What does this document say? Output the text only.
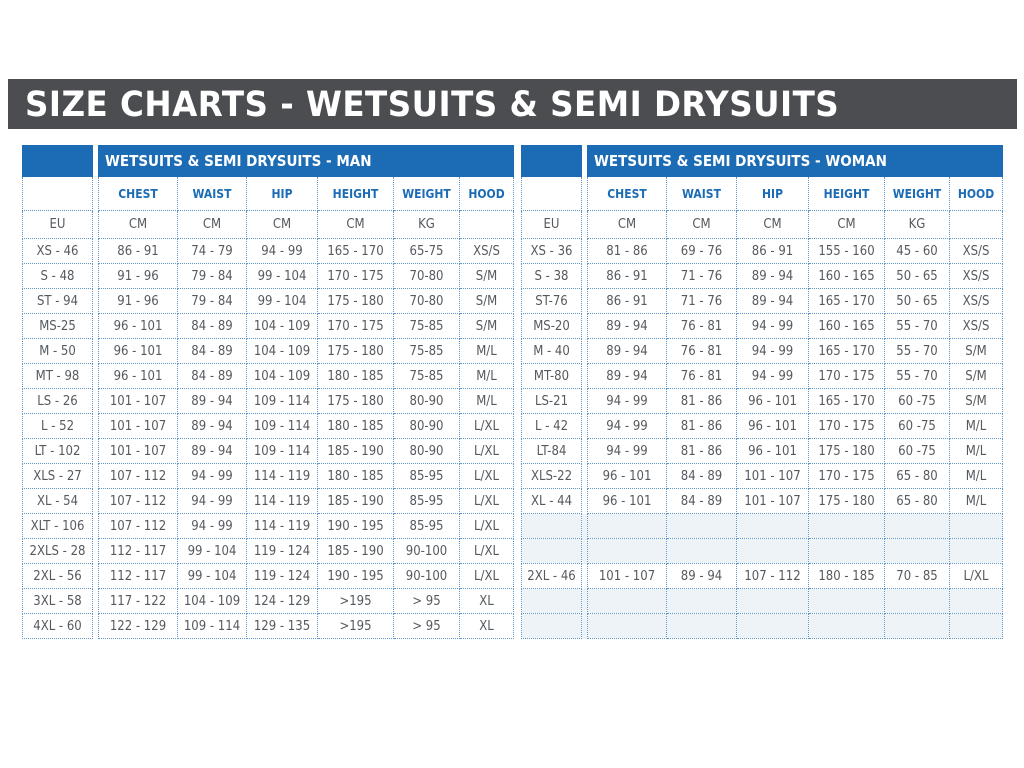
SIZE CHARTS - WETSUITS & SEMI DRYSUITS
		WETSUITS & SEMI DRYSUITS - MAN					
		CHEST	WAIST	HIP	HEIGHT	WEIGHT	HOOD
EU		CM	CM	CM	CM	KG	
XS - 46		86 - 91	74 - 79	94 - 99	165 - 170	65-75	XS/S
S - 48		91 - 96	79 - 84	99 - 104	170 - 175	70-80	S/M
ST - 94		91 - 96	79 - 84	99 - 104	175 - 180	70-80	S/M
MS-25		96 - 101	84 - 89	104 - 109	170 - 175	75-85	S/M
M - 50		96 - 101	84 - 89	104 - 109	175 - 180	75-85	M/L
MT - 98		96 - 101	84 - 89	104 - 109	180 - 185	75-85	M/L
LS - 26		101 - 107	89 - 94	109 - 114	175 - 180	80-90	M/L
L - 52		101 - 107	89 - 94	109 - 114	180 - 185	80-90	L/XL
LT - 102		101 - 107	89 - 94	109 - 114	185 - 190	80-90	L/XL
XLS - 27		107 - 112	94 - 99	114 - 119	180 - 185	85-95	L/XL
XL - 54		107 - 112	94 - 99	114 - 119	185 - 190	85-95	L/XL
XLT - 106		107 - 112	94 - 99	114 - 119	190 - 195	85-95	L/XL
2XLS - 28		112 - 117	99 - 104	119 - 124	185 - 190	90-100	L/XL
2XL - 56		112 - 117	99 - 104	119 - 124	190 - 195	90-100	L/XL
3XL - 58		117 - 122	104 - 109	124 - 129	>195	> 95	XL
4XL - 60		122 - 129	109 - 114	129 - 135	>195	> 95	XL
		WETSUITS & SEMI DRYSUITS - WOMAN					
		CHEST	WAIST	HIP	HEIGHT	WEIGHT	HOOD
EU		CM	CM	CM	CM	KG	
XS - 36		81 - 86	69 - 76	86 - 91	155 - 160	45 - 60	XS/S
S - 38		86 - 91	71 - 76	89 - 94	160 - 165	50 - 65	XS/S
ST-76		86 - 91	71 - 76	89 - 94	165 - 170	50 - 65	XS/S
MS-20		89 - 94	76 - 81	94 - 99	160 - 165	55 - 70	XS/S
M - 40		89 - 94	76 - 81	94 - 99	165 - 170	55 - 70	S/M
MT-80		89 - 94	76 - 81	94 - 99	170 - 175	55 - 70	S/M
LS-21		94 - 99	81 - 86	96 - 101	165 - 170	60 -75	S/M
L - 42		94 - 99	81 - 86	96 - 101	170 - 175	60 -75	M/L
LT-84		94 - 99	81 - 86	96 - 101	175 - 180	60 -75	M/L
XLS-22		96 - 101	84 - 89	101 - 107	170 - 175	65 - 80	M/L
XL - 44		96 - 101	84 - 89	101 - 107	175 - 180	65 - 80	M/L

2XL - 46		101 - 107	89 - 94	107 - 112	180 - 185	70 - 85	L/XL
